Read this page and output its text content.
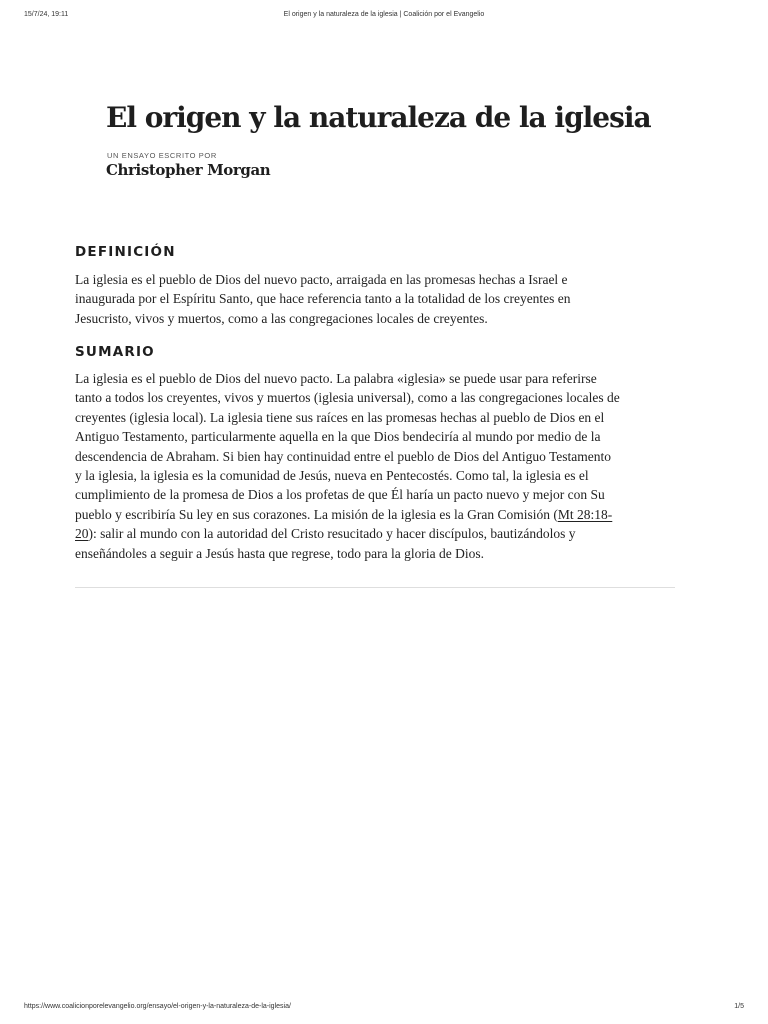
15/7/24, 19:11	El origen y la naturaleza de la iglesia | Coalición por el Evangelio
El origen y la naturaleza de la iglesia
UN ENSAYO ESCRITO POR
Christopher Morgan
DEFINICIÓN

La iglesia es el pueblo de Dios del nuevo pacto, arraigada en las promesas hechas a Israel e
inaugurada por el Espíritu Santo, que hace referencia tanto a la totalidad de los creyentes en
Jesucristo, vivos y muertos, como a las congregaciones locales de creyentes.

SUMARIO

La iglesia es el pueblo de Dios del nuevo pacto. La palabra «iglesia» se puede usar para referirse
tanto a todos los creyentes, vivos y muertos (iglesia universal), como a las congregaciones locales de
creyentes (iglesia local). La iglesia tiene sus raíces en las promesas hechas al pueblo de Dios en el
Antiguo Testamento, particularmente aquella en la que Dios bendeciría al mundo por medio de la
descendencia de Abraham. Si bien hay continuidad entre el pueblo de Dios del Antiguo Testamento
y la iglesia, la iglesia es la comunidad de Jesús, nueva en Pentecostés. Como tal, la iglesia es el
cumplimiento de la promesa de Dios a los profetas de que Él haría un pacto nuevo y mejor con Su
pueblo y escribiría Su ley en sus corazones. La misión de la iglesia es la Gran Comisión (Mt 28:18-
20): salir al mundo con la autoridad del Cristo resucitado y hacer discípulos, bautizándolos y
enseñándoles a seguir a Jesús hasta que regrese, todo para la gloria de Dios.

https://www.coalicionporelevangelio.org/ensayo/el-origen-y-la-naturaleza-de-la-iglesia/	1/5
